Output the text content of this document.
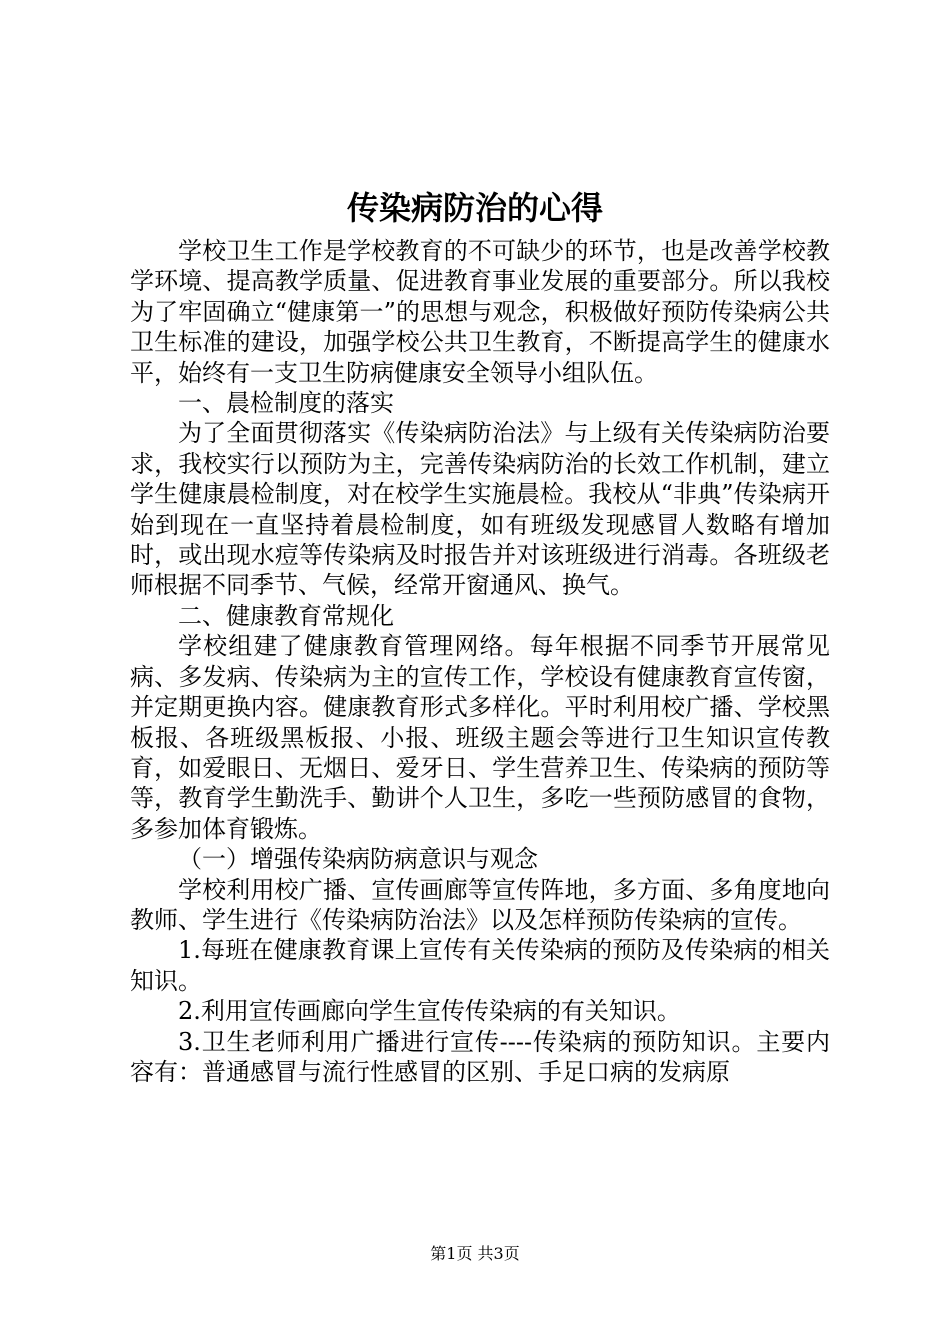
传染病防治的心得

学校卫生工作是学校教育的不可缺少的环节，也是改善学校教学环境、提高教学质量、促进教育事业发展的重要部分。所以我校为了牢固确立“健康第一”的思想与观念，积极做好预防传染病公共卫生标准的建设，加强学校公共卫生教育，不断提高学生的健康水平，始终有一支卫生防病健康安全领导小组队伍。

一、晨检制度的落实

为了全面贯彻落实《传染病防治法》与上级有关传染病防治要求，我校实行以预防为主，完善传染病防治的长效工作机制，建立学生健康晨检制度，对在校学生实施晨检。我校从“非典”传染病开始到现在一直坚持着晨检制度，如有班级发现感冒人数略有增加时，或出现水痘等传染病及时报告并对该班级进行消毒。各班级老师根据不同季节、气候，经常开窗通风、换气。

二、健康教育常规化

学校组建了健康教育管理网络。每年根据不同季节开展常见病、多发病、传染病为主的宣传工作，学校设有健康教育宣传窗，并定期更换内容。健康教育形式多样化。平时利用校广播、学校黑板报、各班级黑板报、小报、班级主题会等进行卫生知识宣传教育，如爱眼日、无烟日、爱牙日、学生营养卫生、传染病的预防等等，教育学生勤洗手、勤讲个人卫生，多吃一些预防感冒的食物，多参加体育锻炼。

（一）增强传染病防病意识与观念

学校利用校广播、宣传画廊等宣传阵地，多方面、多角度地向教师、学生进行《传染病防治法》以及怎样预防传染病的宣传。

1.每班在健康教育课上宣传有关传染病的预防及传染病的相关知识。

2.利用宣传画廊向学生宣传传染病的有关知识。

3.卫生老师利用广播进行宣传----传染病的预防知识。主要内容有：普通感冒与流行性感冒的区别、手足口病的发病原

第1页 共3页
